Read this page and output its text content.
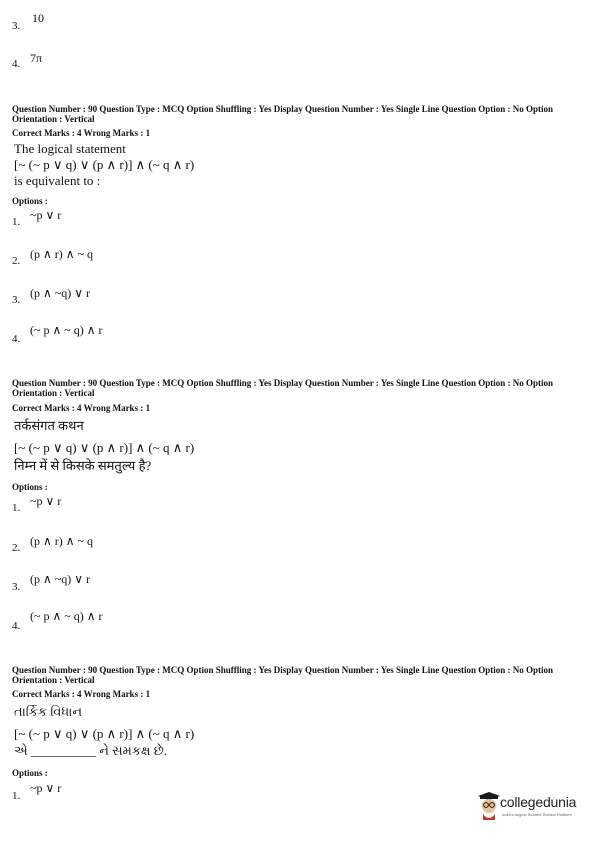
3.
10
4. 7π
Question Number : 90 Question Type : MCQ Option Shuffling : Yes Display Question Number : Yes Single Line Question Option : No Option Orientation : Vertical
Correct Marks : 4 Wrong Marks : 1
The logical statement
[~ (~ p ∨ q) ∨ (p ∧ r)] ∧ (~ q ∧ r)
is equivalent to :
Options :
1. ~p ∨ r
2. (p ∧ r) ∧ ~ q
3. (p ∧ ~q) ∨ r
4.
(~ p ∧ ~ q) ∧ r
Question Number : 90 Question Type : MCQ Option Shuffling : Yes Display Question Number : Yes Single Line Question Option : No Option Orientation : Vertical
Correct Marks : 4 Wrong Marks : 1
तर्कसंगत कथन
[~ (~ p ∨ q) ∨ (p ∧ r)] ∧ (~ q ∧ r)
निम्न में से किसके समतुल्य है?
Options :
1. ~p ∨ r
2. (p ∧ r) ∧ ~ q
3.
(p ∧ ~q) ∨ r
4.
(~ p ∧ ~ q) ∧ r
Question Number : 90 Question Type : MCQ Option Shuffling : Yes Display Question Number : Yes Single Line Question Option : No Option Orientation : Vertical
Correct Marks : 4 Wrong Marks : 1
તાર્કિક વિધાન
[~ (~ p ∨ q) ∨ (p ∧ r)] ∧ (~ q ∧ r)
એ __________ ને સમકક્ષ છે.
Options :
1.
~p ∨ r
collegedunia
India's largest Student Review Platform
